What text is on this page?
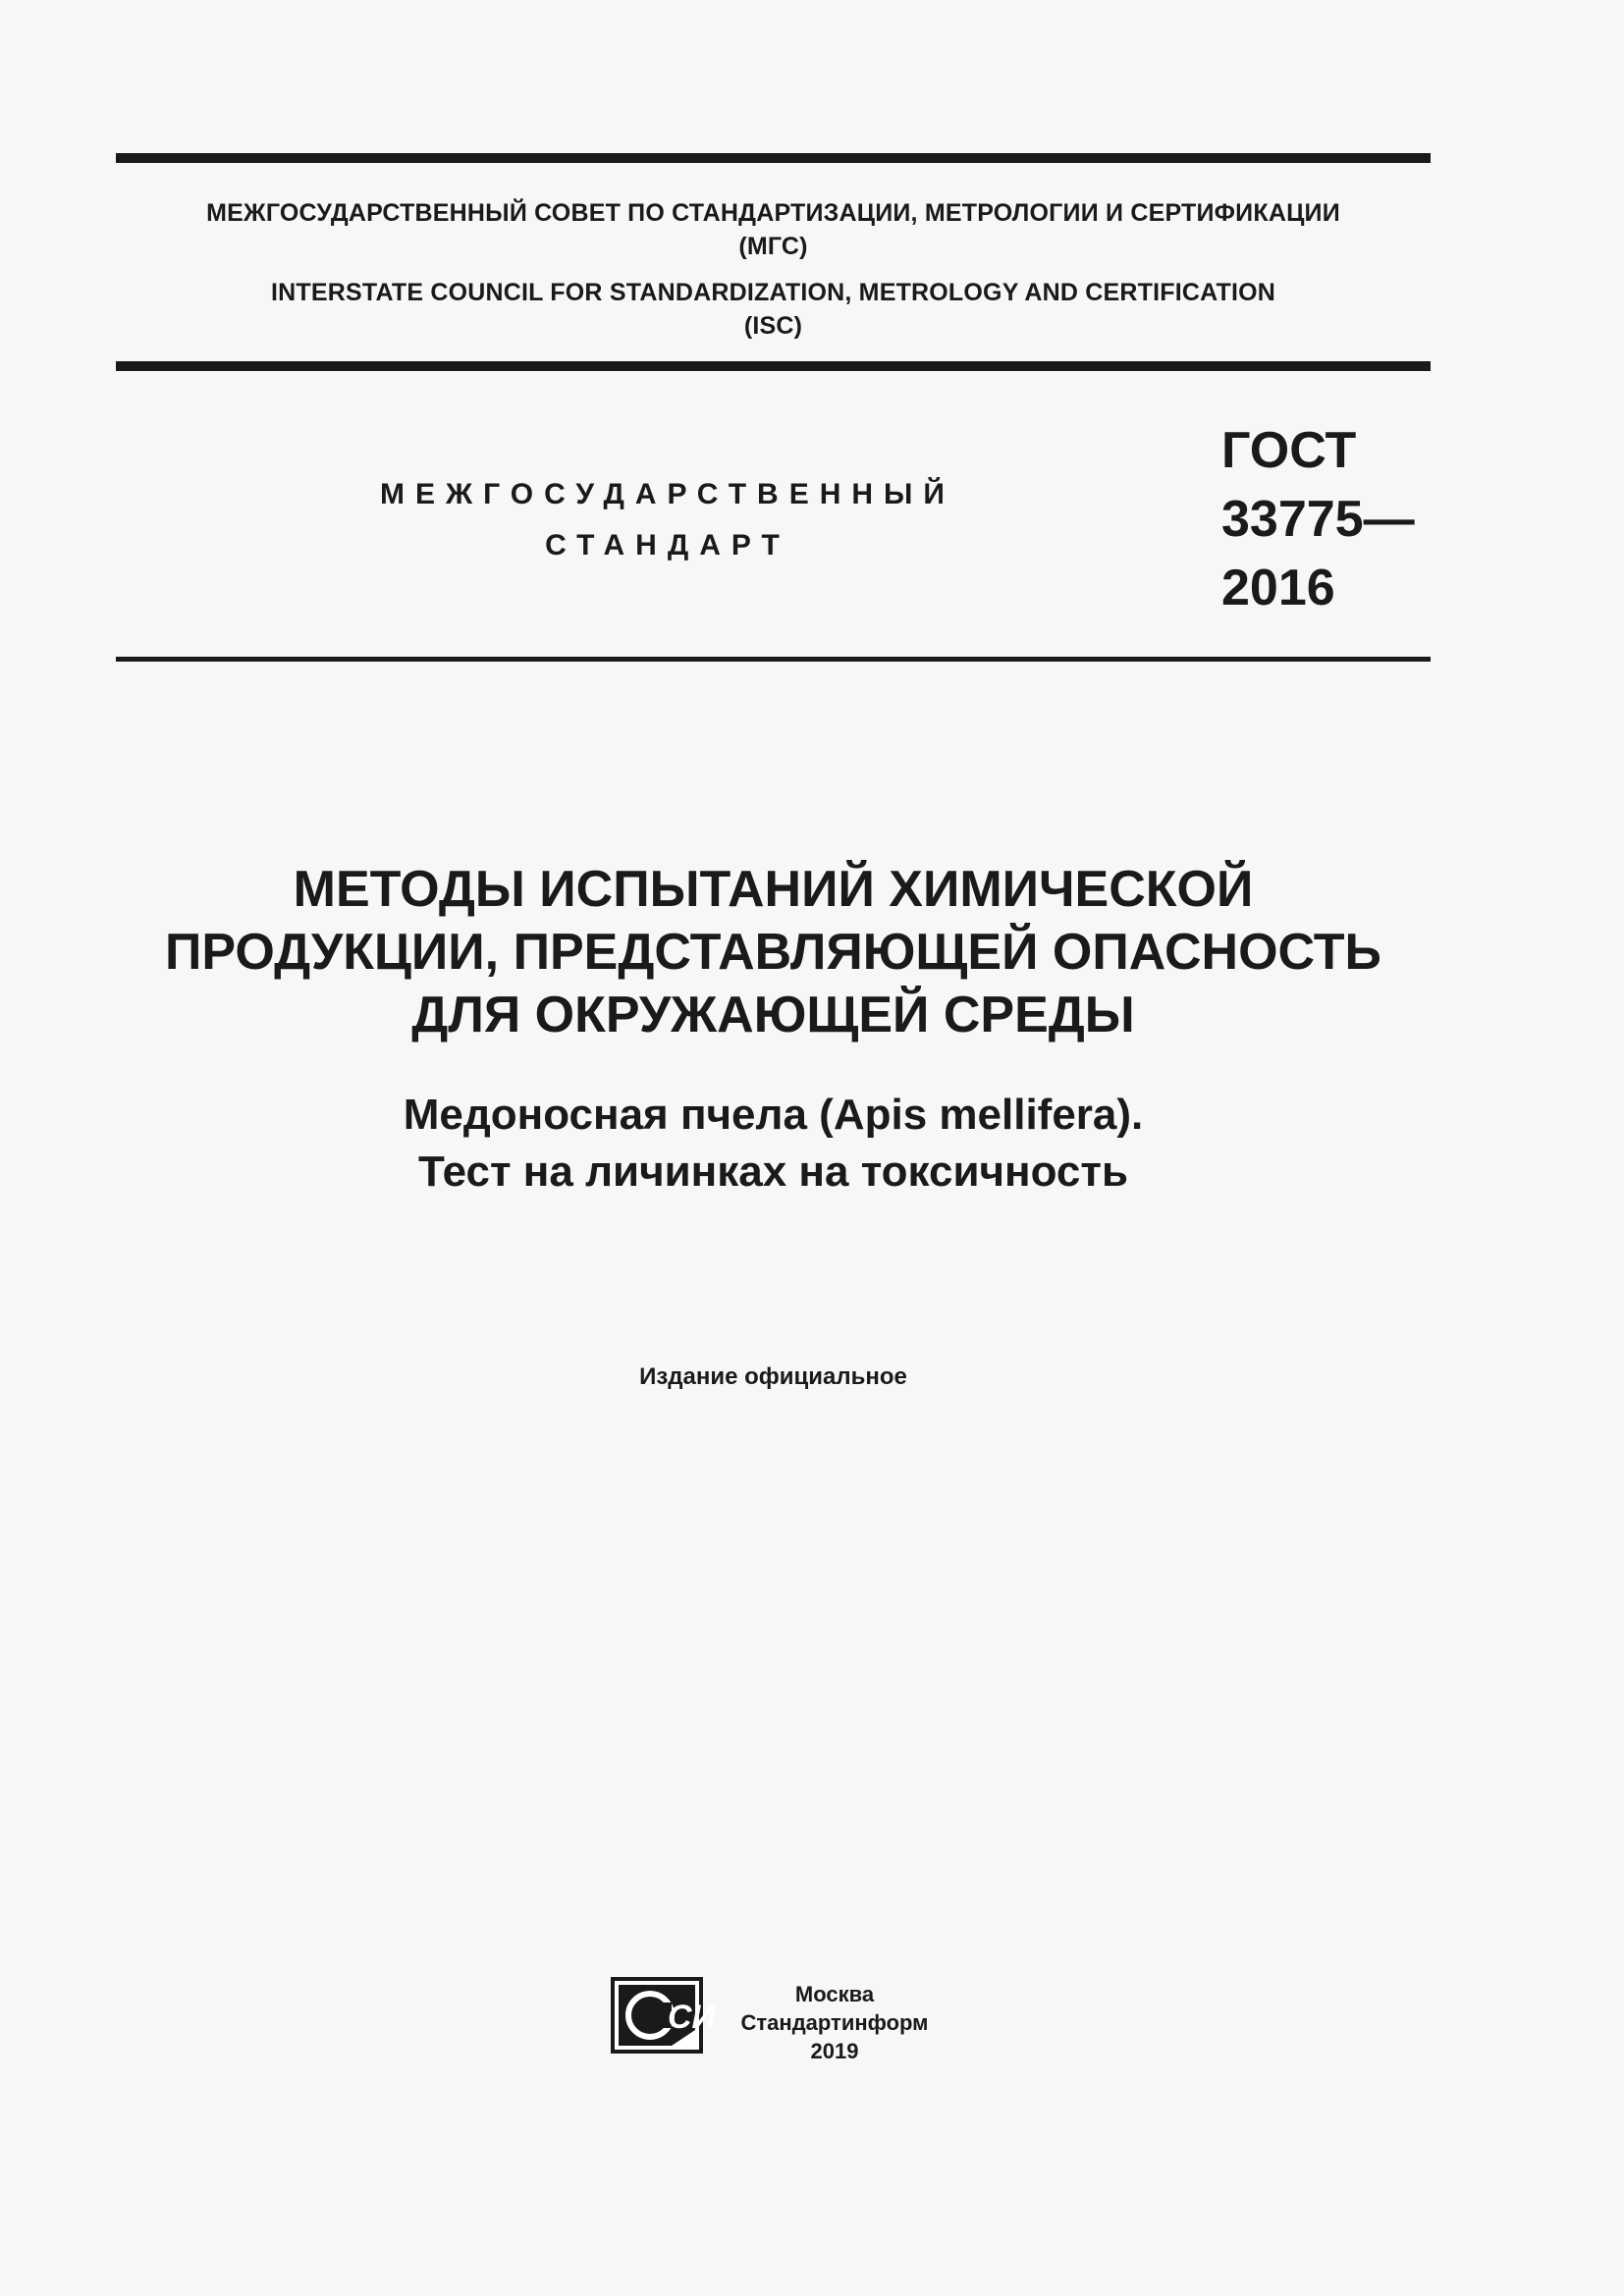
МЕЖГОСУДАРСТВЕННЫЙ СОВЕТ ПО СТАНДАРТИЗАЦИИ, МЕТРОЛОГИИ И СЕРТИФИКАЦИИ
(МГС)
INTERSTATE COUNCIL FOR STANDARDIZATION, METROLOGY AND CERTIFICATION
(ISC)
МЕЖГОСУДАРСТВЕННЫЙ
СТАНДАРТ
ГОСТ
33775—
2016
МЕТОДЫ ИСПЫТАНИЙ ХИМИЧЕСКОЙ
ПРОДУКЦИИ, ПРЕДСТАВЛЯЮЩЕЙ ОПАСНОСТЬ
ДЛЯ ОКРУЖАЮЩЕЙ СРЕДЫ
Медоносная пчела (Apis mellifera).
Тест на личинках на токсичность
Издание официальное
СИ
Москва
Стандартинформ
2019
